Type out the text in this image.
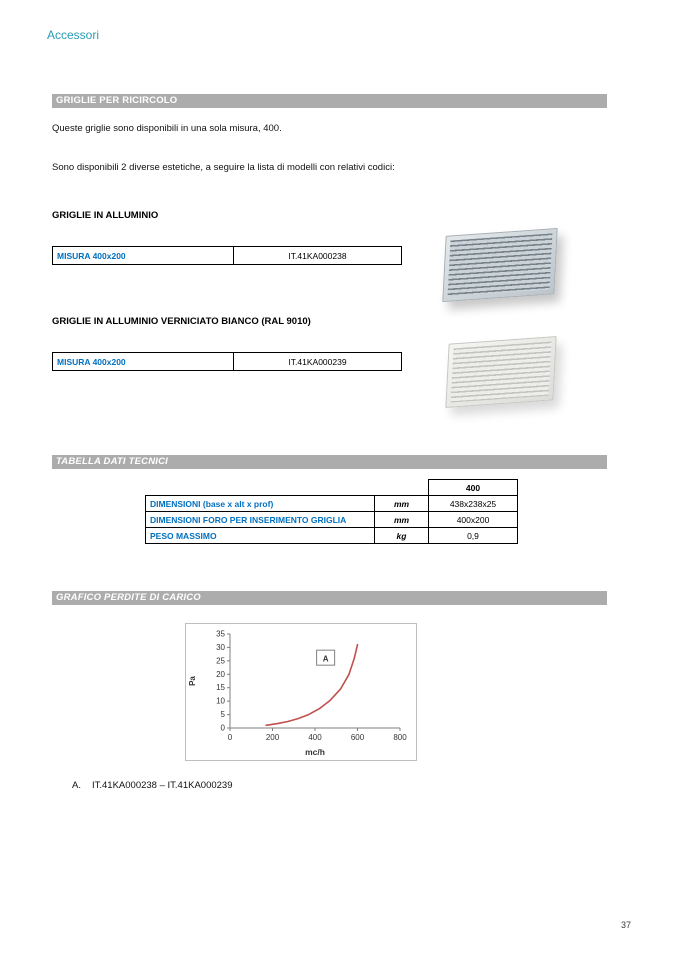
Accessori
GRIGLIE PER RICIRCOLO
Queste griglie sono disponibili in una sola misura, 400.
Sono disponibili 2 diverse estetiche, a seguire la lista di modelli con relativi codici:
GRIGLIE IN ALLUMINIO
MISURA 400x200	IT.41KA000238
GRIGLIE IN ALLUMINIO VERNICIATO BIANCO (RAL 9010)
MISURA 400x200	IT.41KA000239
TABELLA DATI TECNICI
		400
DIMENSIONI (base x alt x prof)	mm	438x238x25
DIMENSIONI FORO PER INSERIMENTO GRIGLIA	mm	400x200
PESO MASSIMO	kg	0,9
GRAFICO PERDITE DI CARICO
0
5
10
15
20
25
30
35
0	200	400	600	800
Pa
mc/h
A
A. IT.41KA000238 – IT.41KA000239
37
